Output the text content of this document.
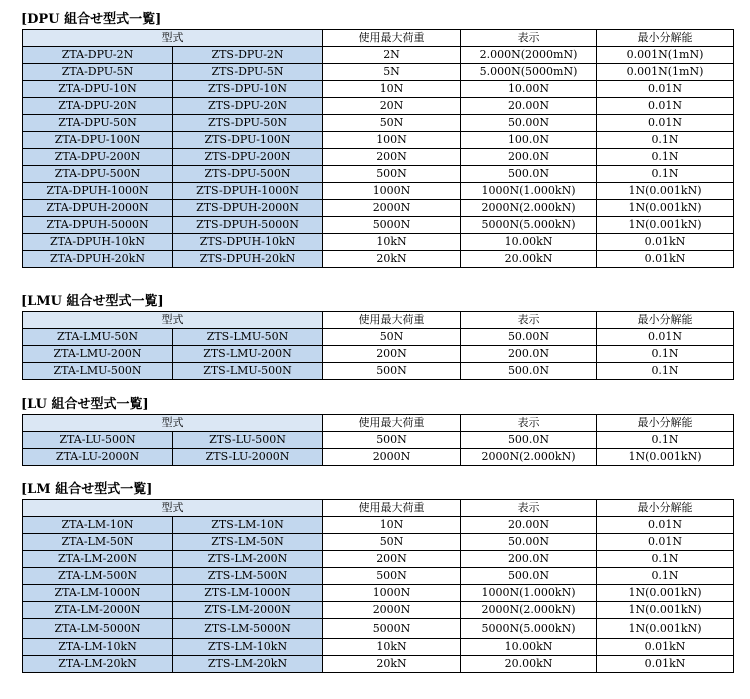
[DPU 組合せ型式一覧]
型式		使用最大荷重	表示	最小分解能
ZTA-DPU-2N	ZTS-DPU-2N	2N	2.000N(2000mN)	0.001N(1mN)
ZTA-DPU-5N	ZTS-DPU-5N	5N	5.000N(5000mN)	0.001N(1mN)
ZTA-DPU-10N	ZTS-DPU-10N	10N	10.00N	0.01N
ZTA-DPU-20N	ZTS-DPU-20N	20N	20.00N	0.01N
ZTA-DPU-50N	ZTS-DPU-50N	50N	50.00N	0.01N
ZTA-DPU-100N	ZTS-DPU-100N	100N	100.0N	0.1N
ZTA-DPU-200N	ZTS-DPU-200N	200N	200.0N	0.1N
ZTA-DPU-500N	ZTS-DPU-500N	500N	500.0N	0.1N
ZTA-DPUH-1000N	ZTS-DPUH-1000N	1000N	1000N(1.000kN)	1N(0.001kN)
ZTA-DPUH-2000N	ZTS-DPUH-2000N	2000N	2000N(2.000kN)	1N(0.001kN)
ZTA-DPUH-5000N	ZTS-DPUH-5000N	5000N	5000N(5.000kN)	1N(0.001kN)
ZTA-DPUH-10kN	ZTS-DPUH-10kN	10kN	10.00kN	0.01kN
ZTA-DPUH-20kN	ZTS-DPUH-20kN	20kN	20.00kN	0.01kN
[LMU 組合せ型式一覧]
型式		使用最大荷重	表示	最小分解能
ZTA-LMU-50N	ZTS-LMU-50N	50N	50.00N	0.01N
ZTA-LMU-200N	ZTS-LMU-200N	200N	200.0N	0.1N
ZTA-LMU-500N	ZTS-LMU-500N	500N	500.0N	0.1N
[LU 組合せ型式一覧]
型式		使用最大荷重	表示	最小分解能
ZTA-LU-500N	ZTS-LU-500N	500N	500.0N	0.1N
ZTA-LU-2000N	ZTS-LU-2000N	2000N	2000N(2.000kN)	1N(0.001kN)
[LM 組合せ型式一覧]
型式		使用最大荷重	表示	最小分解能
ZTA-LM-10N	ZTS-LM-10N	10N	20.00N	0.01N
ZTA-LM-50N	ZTS-LM-50N	50N	50.00N	0.01N
ZTA-LM-200N	ZTS-LM-200N	200N	200.0N	0.1N
ZTA-LM-500N	ZTS-LM-500N	500N	500.0N	0.1N
ZTA-LM-1000N	ZTS-LM-1000N	1000N	1000N(1.000kN)	1N(0.001kN)
ZTA-LM-2000N	ZTS-LM-2000N	2000N	2000N(2.000kN)	1N(0.001kN)
ZTA-LM-5000N	ZTS-LM-5000N	5000N	5000N(5.000kN)	1N(0.001kN)
ZTA-LM-10kN	ZTS-LM-10kN	10kN	10.00kN	0.01kN
ZTA-LM-20kN	ZTS-LM-20kN	20kN	20.00kN	0.01kN
